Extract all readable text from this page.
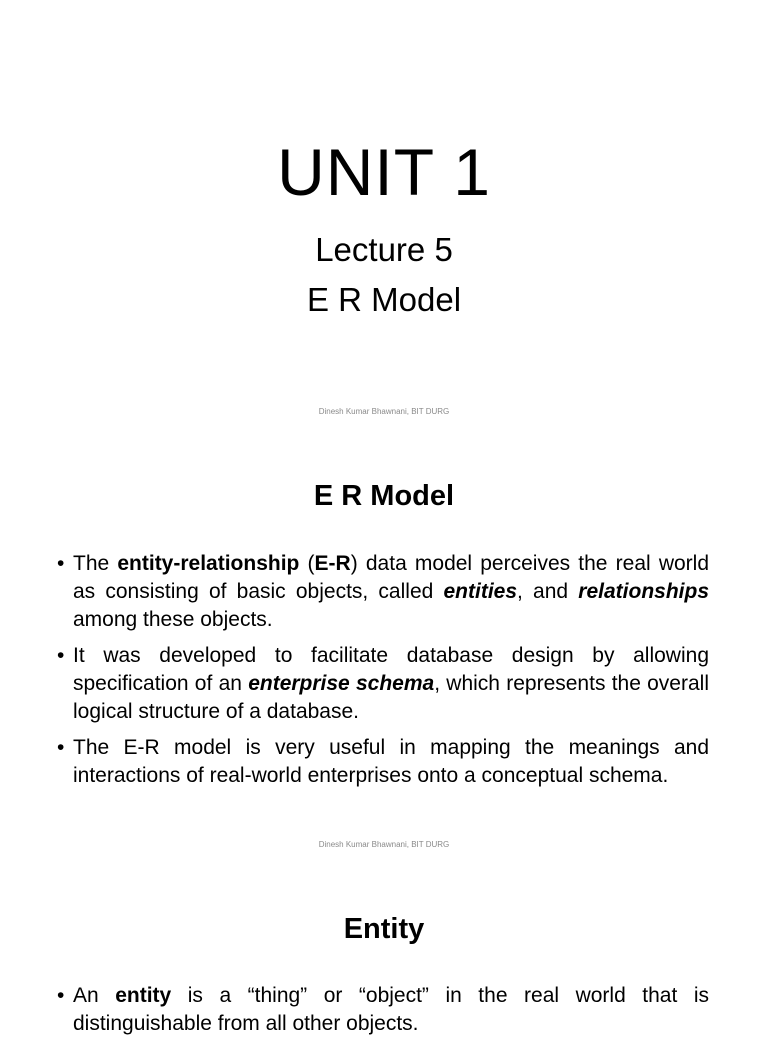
UNIT 1
Lecture 5
E R Model
Dinesh Kumar Bhawnani, BIT DURG
E R Model
• The entity-relationship (E-R) data model perceives the real world as consisting of basic objects, called entities, and relationships among these objects.
• It was developed to facilitate database design by allowing specification of an enterprise schema, which represents the overall logical structure of a database.
• The E-R model is very useful in mapping the meanings and interactions of real-world enterprises onto a conceptual schema.
Dinesh Kumar Bhawnani, BIT DURG
Entity
• An entity is a “thing” or “object” in the real world that is distinguishable from all other objects.
